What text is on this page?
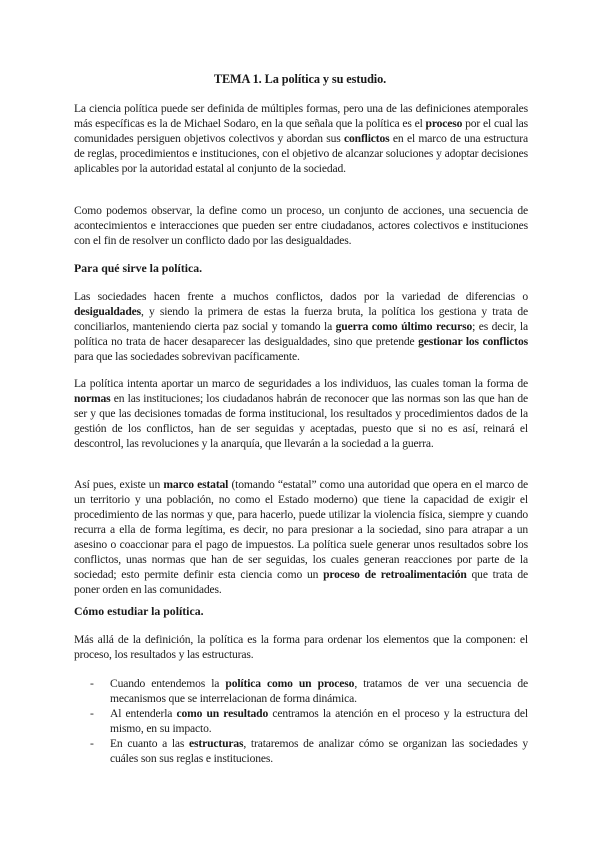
TEMA 1. La política y su estudio.
La ciencia política puede ser definida de múltiples formas, pero una de las definiciones atemporales más específicas es la de Michael Sodaro, en la que señala que la política es el proceso por el cual las comunidades persiguen objetivos colectivos y abordan sus conflictos en el marco de una estructura de reglas, procedimientos e instituciones, con el objetivo de alcanzar soluciones y adoptar decisiones aplicables por la autoridad estatal al conjunto de la sociedad.
Como podemos observar, la define como un proceso, un conjunto de acciones, una secuencia de acontecimientos e interacciones que pueden ser entre ciudadanos, actores colectivos e instituciones con el fin de resolver un conflicto dado por las desigualdades.
Para qué sirve la política.
Las sociedades hacen frente a muchos conflictos, dados por la variedad de diferencias o desigualdades, y siendo la primera de estas la fuerza bruta, la política los gestiona y trata de conciliarlos, manteniendo cierta paz social y tomando la guerra como último recurso; es decir, la política no trata de hacer desaparecer las desigualdades, sino que pretende gestionar los conflictos para que las sociedades sobrevivan pacíficamente.
La política intenta aportar un marco de seguridades a los individuos, las cuales toman la forma de normas en las instituciones; los ciudadanos habrán de reconocer que las normas son las que han de ser y que las decisiones tomadas de forma institucional, los resultados y procedimientos dados de la gestión de los conflictos, han de ser seguidas y aceptadas, puesto que si no es así, reinará el descontrol, las revoluciones y la anarquía, que llevarán a la sociedad a la guerra.
Así pues, existe un marco estatal (tomando “estatal” como una autoridad que opera en el marco de un territorio y una población, no como el Estado moderno) que tiene la capacidad de exigir el procedimiento de las normas y que, para hacerlo, puede utilizar la violencia física, siempre y cuando recurra a ella de forma legítima, es decir, no para presionar a la sociedad, sino para atrapar a un asesino o coaccionar para el pago de impuestos. La política suele generar unos resultados sobre los conflictos, unas normas que han de ser seguidas, los cuales generan reacciones por parte de la sociedad; esto permite definir esta ciencia como un proceso de retroalimentación que trata de poner orden en las comunidades.
Cómo estudiar la política.
Más allá de la definición, la política es la forma para ordenar los elementos que la componen: el proceso, los resultados y las estructuras.
- Cuando entendemos la política como un proceso, tratamos de ver una secuencia de mecanismos que se interrelacionan de forma dinámica.
- Al entenderla como un resultado centramos la atención en el proceso y la estructura del mismo, en su impacto.
- En cuanto a las estructuras, trataremos de analizar cómo se organizan las sociedades y cuáles son sus reglas e instituciones.
